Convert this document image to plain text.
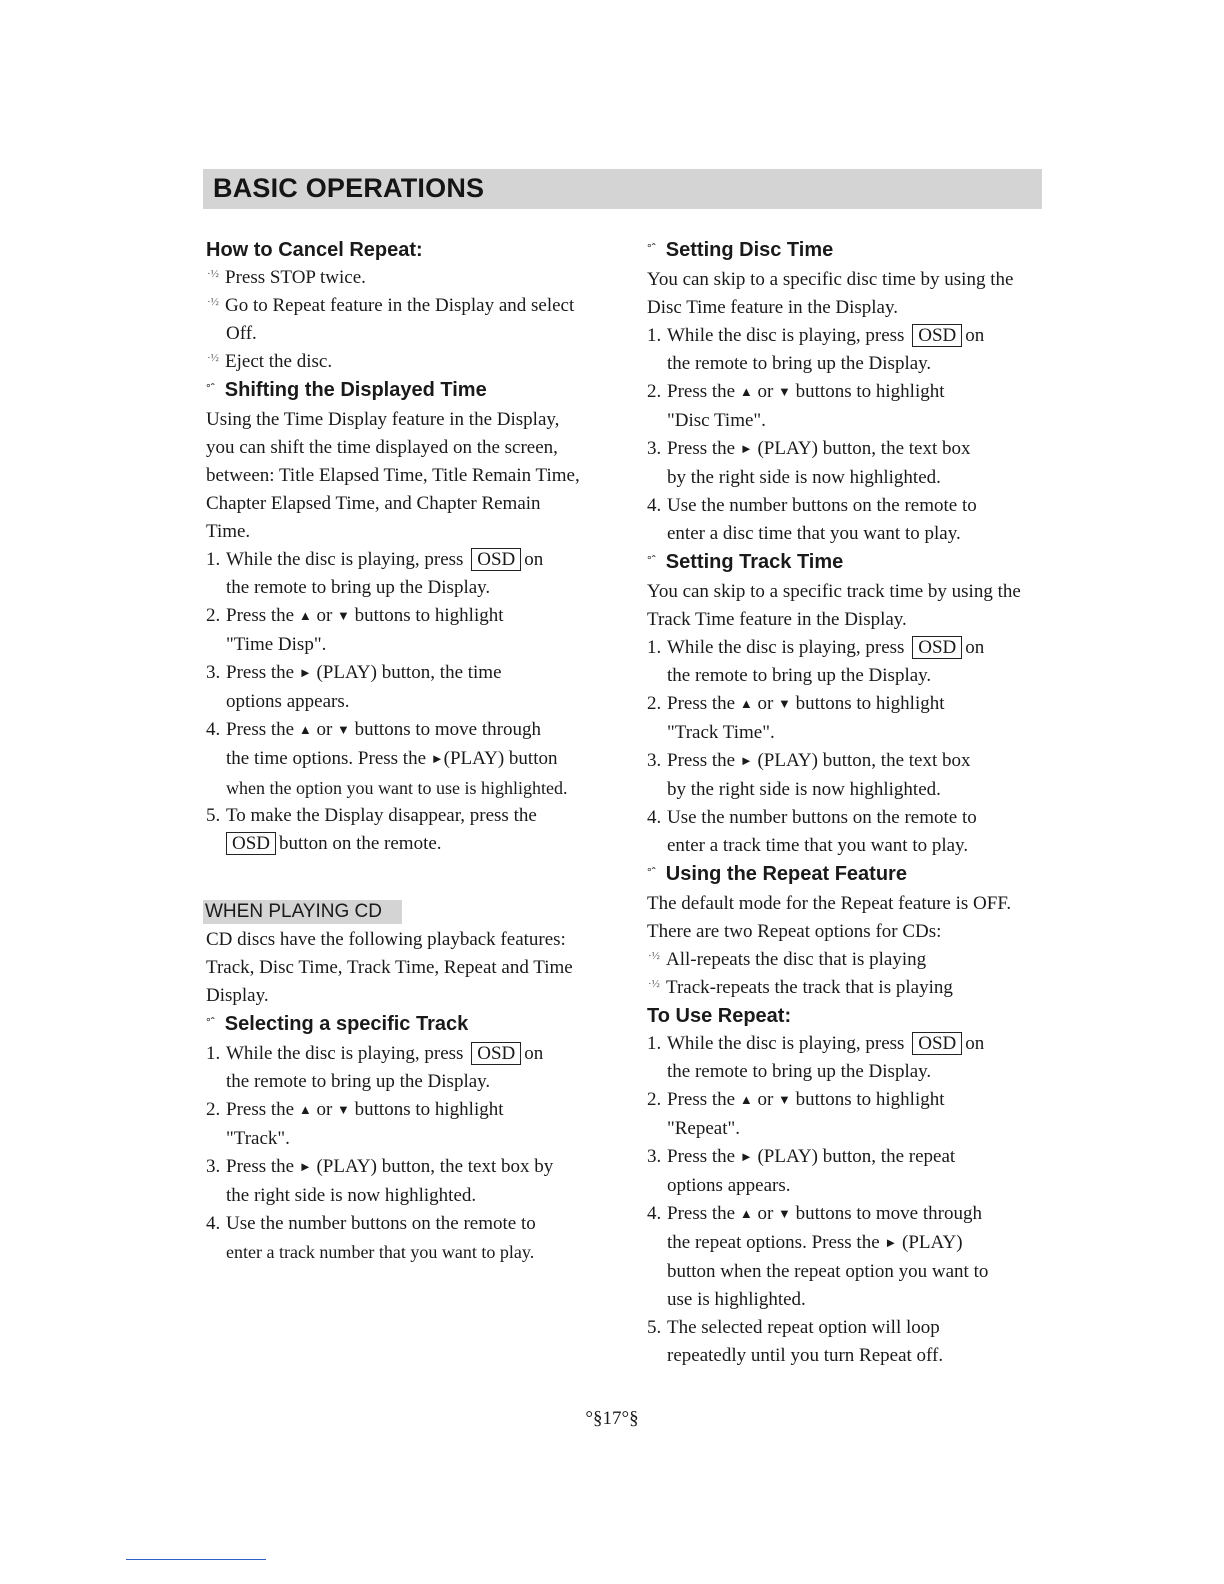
BASIC OPERATIONS
How to Cancel Repeat:
·½ Press STOP twice.
·½ Go to Repeat feature in the Display and select
Off.
·½ Eject the disc.
$^{^\circ ˆ}$ Shifting the Displayed Time
Using the Time Display feature in the Display,
you can shift the time displayed on the screen,
between: Title Elapsed Time, Title Remain Time,
Chapter Elapsed Time, and Chapter Remain
Time.
1. While the disc is playing, press OSD on
the remote to bring up the Display.
2. Press the ▲ or ▼ buttons to highlight
"Time Disp".
3. Press the ► (PLAY) button, the time
options appears.
4. Press the ▲ or ▼ buttons to move through
the time options. Press the ►(PLAY) button
when the option you want to use is highlighted.
5. To make the Display disappear, press the
OSD button on the remote.
WHEN PLAYING CD
CD discs have the following playback features:
Track, Disc Time, Track Time, Repeat and Time
Display.
$^{^\circ ˆ}$ Selecting a specific Track
1. While the disc is playing, press OSD on
the remote to bring up the Display.
2. Press the ▲ or ▼ buttons to highlight
"Track".
3. Press the ► (PLAY) button, the text box by
the right side is now highlighted.
4. Use the number buttons on the remote to
enter a track number that you want to play.
$^{^\circ ˆ}$ Setting Disc Time
You can skip to a specific disc time by using the
Disc Time feature in the Display.
1. While the disc is playing, press OSD on
the remote to bring up the Display.
2. Press the ▲ or ▼ buttons to highlight
"Disc Time".
3. Press the ► (PLAY) button, the text box
by the right side is now highlighted.
4. Use the number buttons on the remote to
enter a disc time that you want to play.
$^{^\circ ˆ}$ Setting Track Time
You can skip to a specific track time by using the
Track Time feature in the Display.
1. While the disc is playing, press OSD on
the remote to bring up the Display.
2. Press the ▲ or ▼ buttons to highlight
"Track Time".
3. Press the ► (PLAY) button, the text box
by the right side is now highlighted.
4. Use the number buttons on the remote to
enter a track time that you want to play.
$^{^\circ ˆ}$ Using the Repeat Feature
The default mode for the Repeat feature is OFF.
There are two Repeat options for CDs:
·½ All-repeats the disc that is playing
·½ Track-repeats the track that is playing
To Use Repeat:
1. While the disc is playing, press OSD on
the remote to bring up the Display.
2. Press the ▲ or ▼ buttons to highlight
"Repeat".
3. Press the ► (PLAY) button, the repeat
options appears.
4. Press the ▲ or ▼ buttons to move through
the repeat options. Press the ► (PLAY)
button when the repeat option you want to
use is highlighted.
5. The selected repeat option will loop
repeatedly until you turn Repeat off.
°§17°§
